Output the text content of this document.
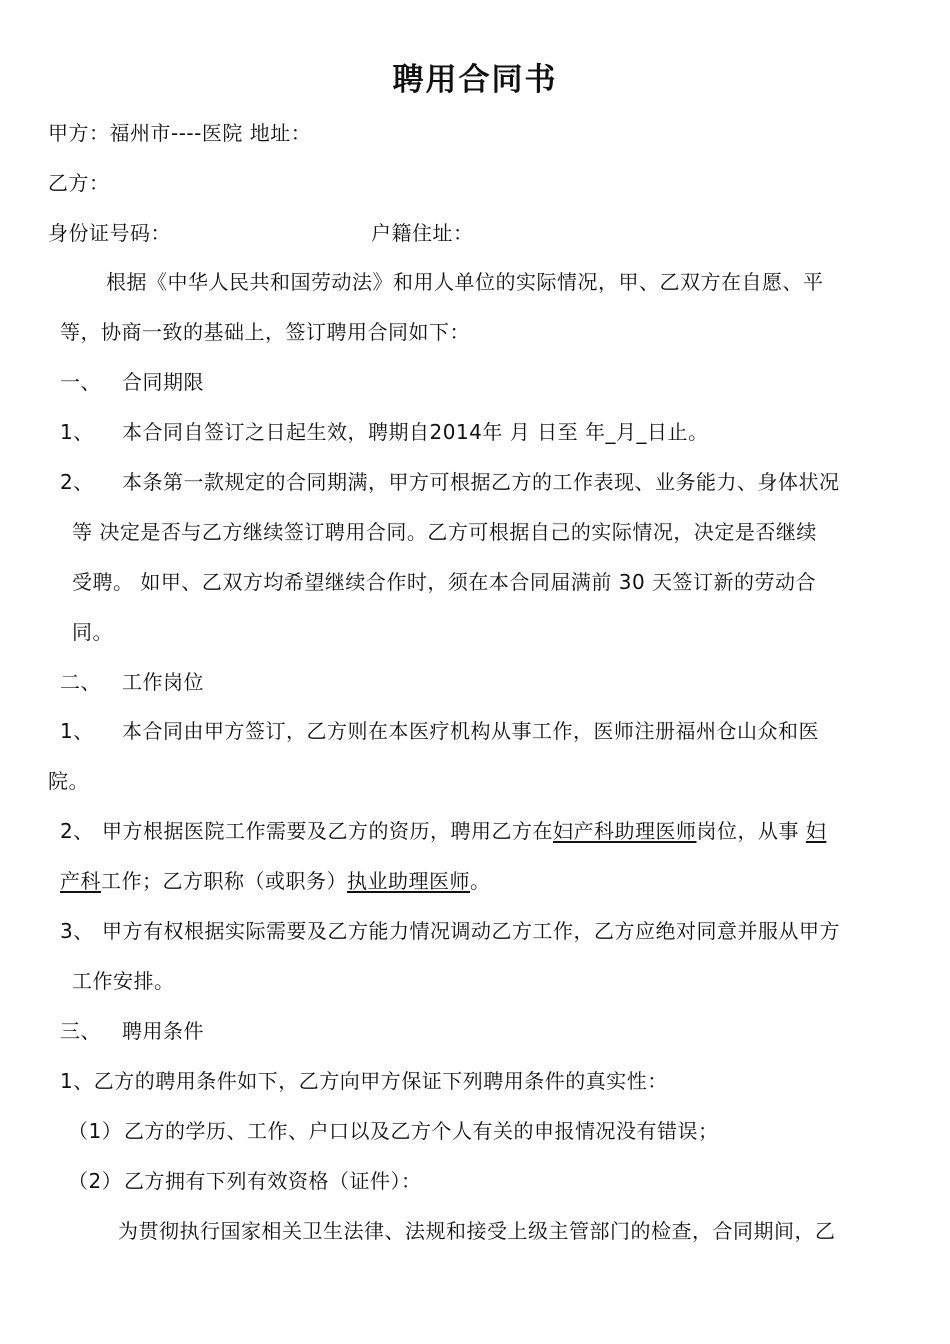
聘用合同书
甲方：福州市----医院 地址：
乙方：
身份证号码：	户籍住址：
根据《中华人民共和国劳动法》和用人单位的实际情况，甲、乙双方在自愿、平
等，协商一致的基础上，签订聘用合同如下：
一、 合同期限
1、 本合同自签订之日起生效，聘期自2014年 月 日至 年_月_日止。
2、 本条第一款规定的合同期满，甲方可根据乙方的工作表现、业务能力、身体状况
等 决定是否与乙方继续签订聘用合同。乙方可根据自己的实际情况，决定是否继续
受聘。 如甲、乙双方均希望继续合作时，须在本合同届满前 30 天签订新的劳动合
同。
二、 工作岗位
1、 本合同由甲方签订，乙方则在本医疗机构从事工作，医师注册福州仓山众和医
院。
2、 甲方根据医院工作需要及乙方的资历，聘用乙方在妇产科助理医师岗位，从事 妇
产科工作；乙方职称（或职务）执业助理医师。
3、 甲方有权根据实际需要及乙方能力情况调动乙方工作，乙方应绝对同意并服从甲方
工作安排。
三、 聘用条件
1、乙方的聘用条件如下，乙方向甲方保证下列聘用条件的真实性：
（1）乙方的学历、工作、户口以及乙方个人有关的申报情况没有错误；
（2）乙方拥有下列有效资格（证件）：
为贯彻执行国家相关卫生法律、法规和接受上级主管部门的检查，合同期间，乙
